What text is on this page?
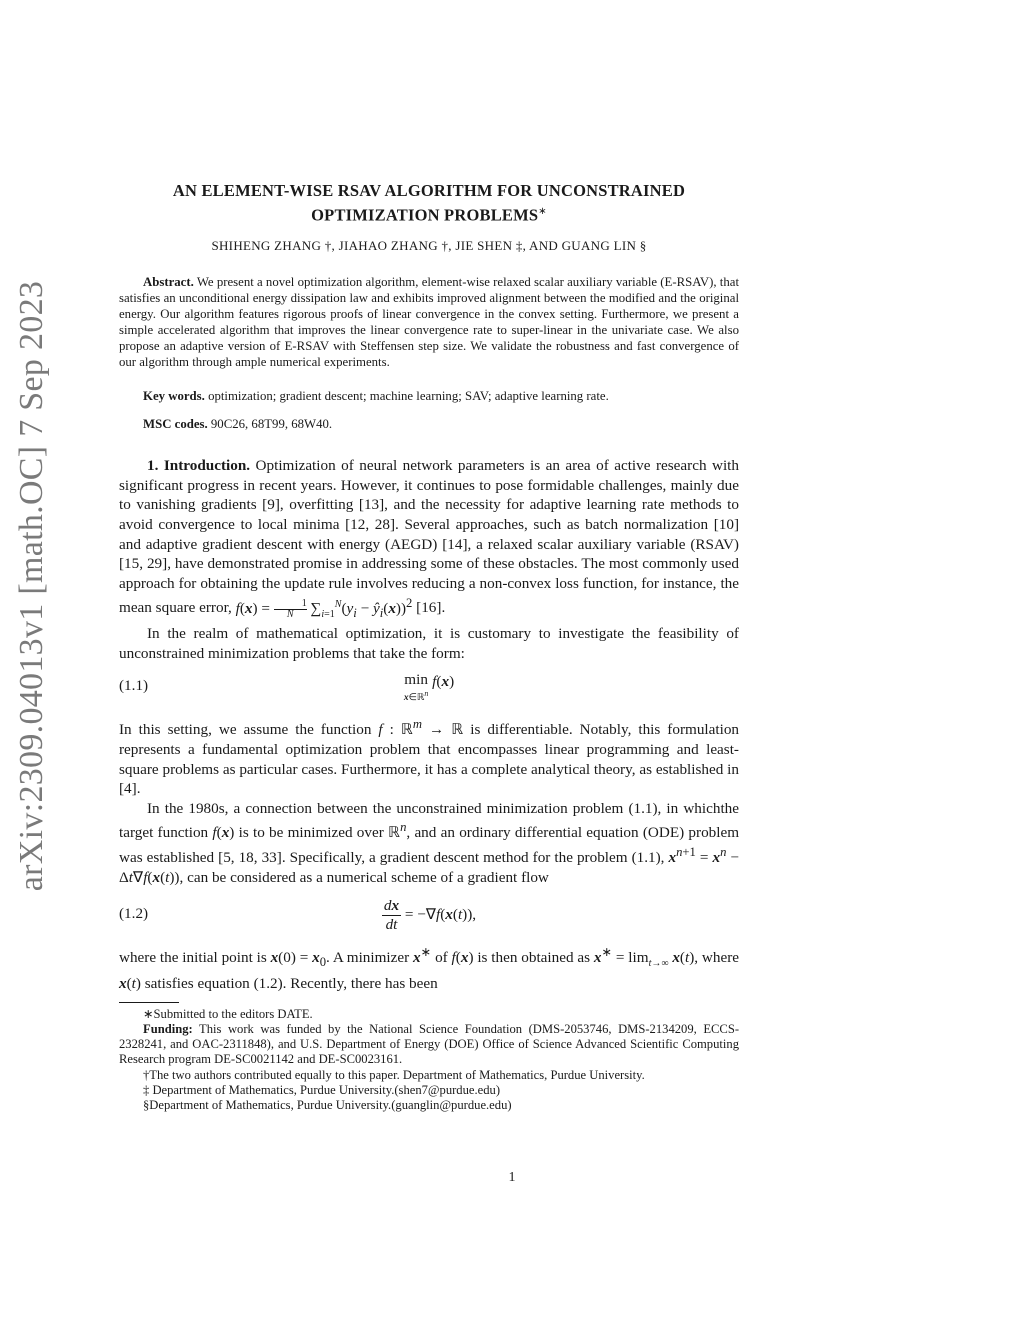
arXiv:2309.04013v1 [math.OC] 7 Sep 2023
AN ELEMENT-WISE RSAV ALGORITHM FOR UNCONSTRAINED
OPTIMIZATION PROBLEMS∗
SHIHENG ZHANG †, JIAHAO ZHANG †, JIE SHEN ‡, AND GUANG LIN §

Abstract. We present a novel optimization algorithm, element-wise relaxed scalar auxiliary variable (E-RSAV), that satisfies an unconditional energy dissipation law and exhibits improved alignment between the modified and the original energy. Our algorithm features rigorous proofs of linear convergence in the convex setting. Furthermore, we present a simple accelerated algorithm that improves the linear convergence rate to super-linear in the univariate case. We also propose an adaptive version of E-RSAV with Steffensen step size. We validate the robustness and fast convergence of our algorithm through ample numerical experiments.

Key words. optimization; gradient descent; machine learning; SAV; adaptive learning rate.

MSC codes. 90C26, 68T99, 68W40.

1. Introduction. Optimization of neural network parameters is an area of active research with significant progress in recent years. However, it continues to pose formidable challenges, mainly due to vanishing gradients [9], overfitting [13], and the necessity for adaptive learning rate methods to avoid convergence to local minima [12, 28]. Several approaches, such as batch normalization [10] and adaptive gradient descent with energy (AEGD) [14], a relaxed scalar auxiliary variable (RSAV) [15, 29], have demonstrated promise in addressing some of these obstacles. The most commonly used approach for obtaining the update rule involves reducing a non-convex loss function, for instance, the mean square error, $f(x) = \frac{1}{N} \sum_{i=1}^N(y_i$ − $ŷ_i(x))^2$ [16].

In the realm of mathematical optimization, it is customary to investigate the feasibility of unconstrained minimization problems that take the form:

(1.1)	min
x∈ℝ$^n$ f(x)

In this setting, we assume the function f : ℝ$^m$ → ℝ is differentiable. Notably, this formulation represents a fundamental optimization problem that encompasses linear programming and least-square problems as particular cases. Furthermore, it has a complete analytical theory, as established in [4].

In the 1980s, a connection between the unconstrained minimization problem (1.1), in whichthe target function f(x) is to be minimized over ℝ$^n$, and an ordinary differential equation (ODE) problem was established [5, 18, 33]. Specifically, a gradient descent method for the problem (1.1), $x^{n+1} = x^n - \Delta t\nabla f(x(t))$, can be considered as a numerical scheme of a gradient flow

(1.2)	$\frac{dx}{dt} = -\nabla f(x(t))$,

where the initial point is $x(0) = x_0$. A minimizer x∗ of f(x) is then obtained as $x^∗ = \lim_{t\to\infty} x(t)$, where x(t) satisfies equation (1.2). Recently, there has been

∗Submitted to the editors DATE.

Funding: This work was funded by the National Science Foundation (DMS-2053746, DMS-2134209, ECCS-2328241, and OAC-2311848), and U.S. Department of Energy (DOE) Office of Science Advanced Scientific Computing Research program DE-SC0021142 and DE-SC0023161.

†The two authors contributed equally to this paper. Department of Mathematics, Purdue University.

‡ Department of Mathematics, Purdue University.(shen7@purdue.edu)

§Department of Mathematics, Purdue University.(guanglin@purdue.edu)

1
